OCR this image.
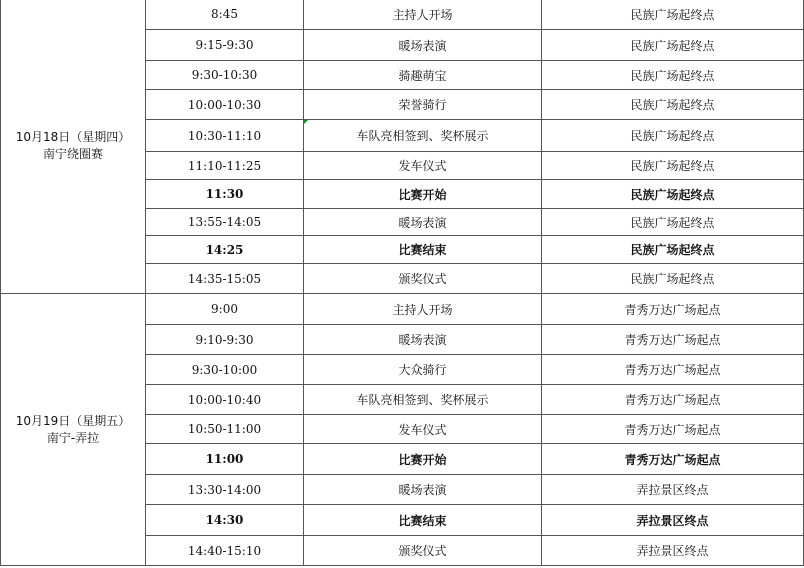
10月18日（星期四）
南宁绕圈赛	8:45	主持人开场	民族广场起终点
	9:15-9:30	暖场表演	民族广场起终点
	9:30-10:30	骑趣萌宝	民族广场起终点
	10:00-10:30	荣誉骑行	民族广场起终点
	10:30-11:10	车队亮相签到、奖杯展示	民族广场起终点
	11:10-11:25	发车仪式	民族广场起终点
	11:30	比赛开始	民族广场起终点
	13:55-14:05	暖场表演	民族广场起终点
	14:25	比赛结束	民族广场起终点
	14:35-15:05	颁奖仪式	民族广场起终点

10月19日（星期五）
南宁-弄拉	9:00	主持人开场	青秀万达广场起点
	9:10-9:30	暖场表演	青秀万达广场起点
	9:30-10:00	大众骑行	青秀万达广场起点
	10:00-10:40	车队亮相签到、奖杯展示	青秀万达广场起点
	10:50-11:00	发车仪式	青秀万达广场起点
	11:00	比赛开始	青秀万达广场起点
	13:30-14:00	暖场表演	弄拉景区终点
	14:30	比赛结束	弄拉景区终点
	14:40-15:10	颁奖仪式	弄拉景区终点
